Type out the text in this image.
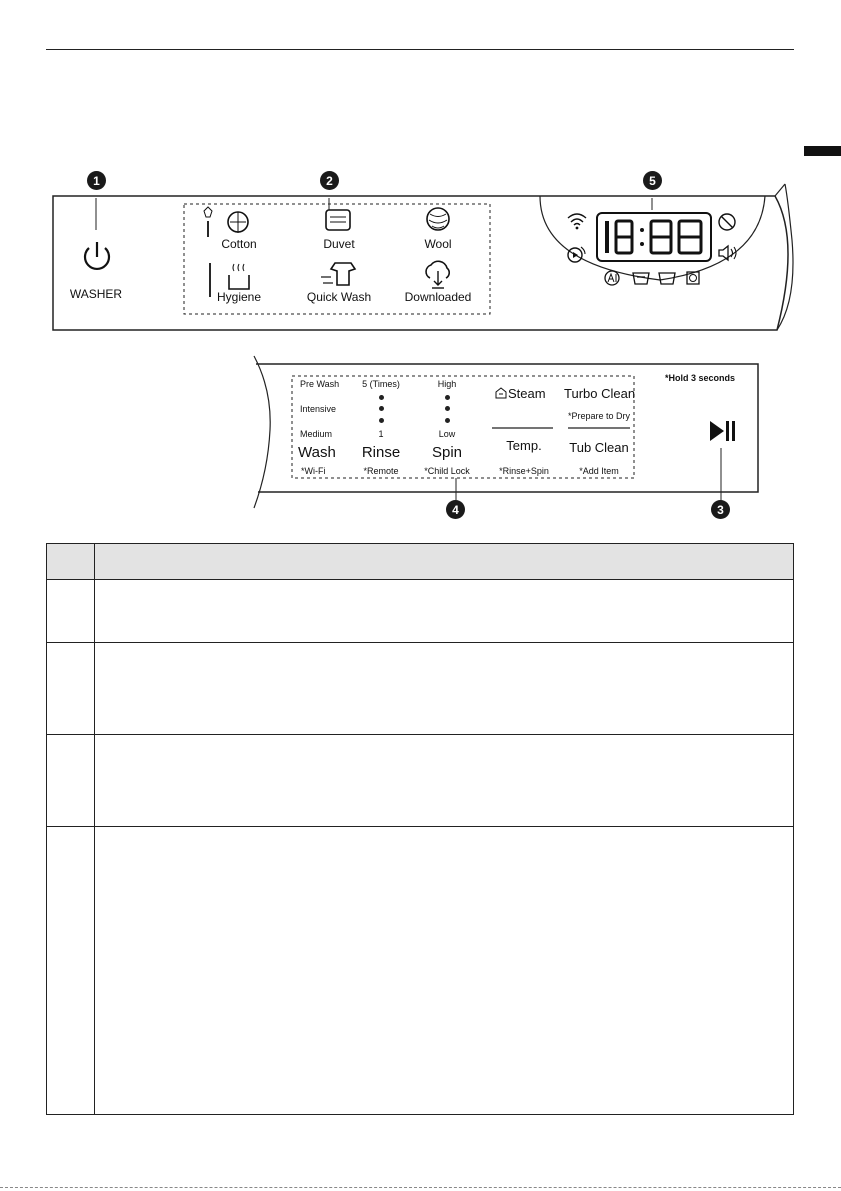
1	2	5
WASHER
Cotton	Duvet	Wool
Hygiene	Quick Wash	Downloaded
*Hold 3 seconds
Pre Wash
Intensive
Medium
Wash
*Wi-Fi
5 (Times)
1
Rinse
*Remote
High
Low
Spin
*Child Lock
Steam
Temp.
*Rinse+Spin
Turbo Clean
*Prepare to Dry
Tub Clean
*Add Item
4	3
